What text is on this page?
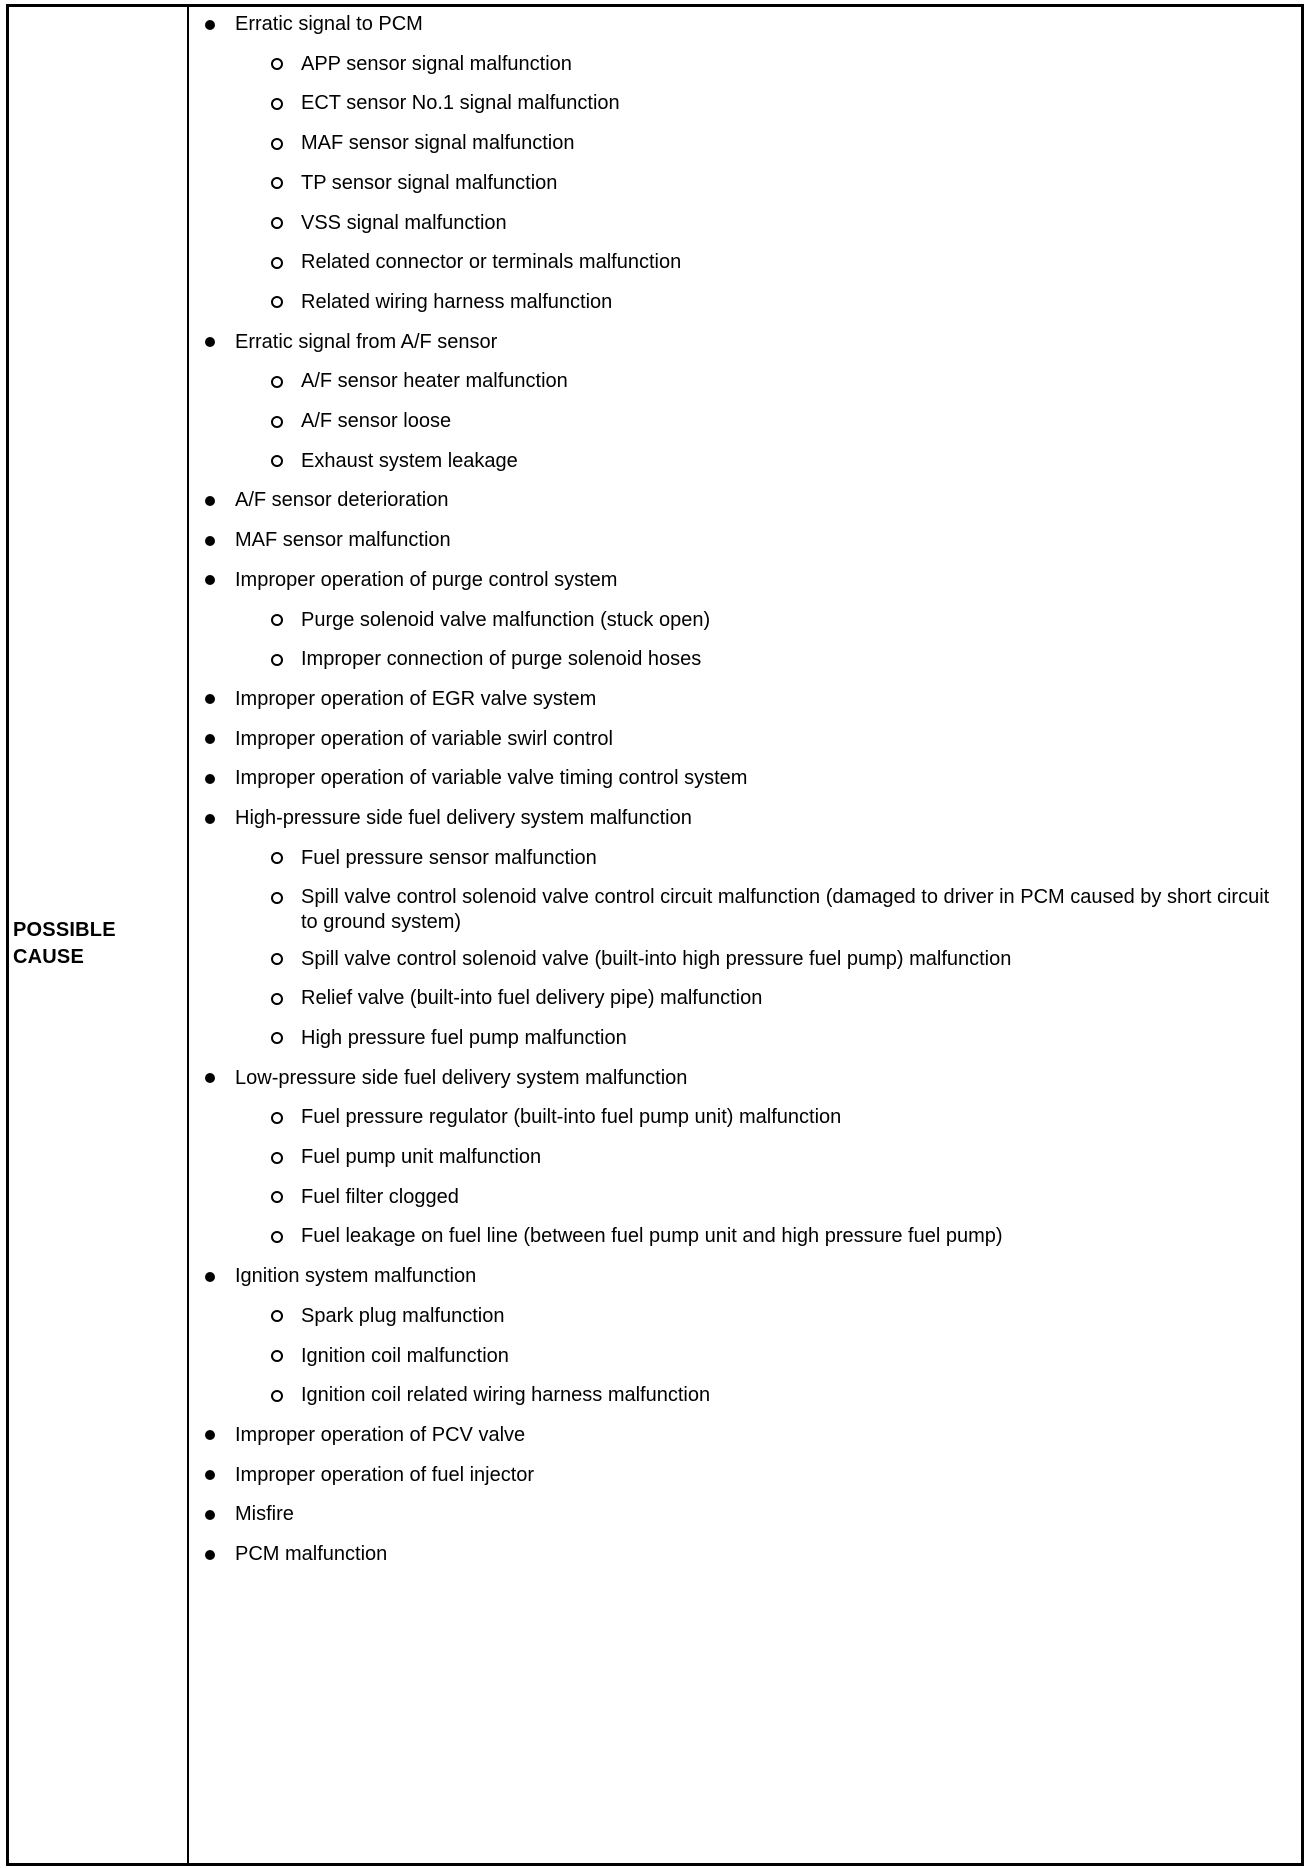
POSSIBLE
CAUSE
Erratic signal to PCM
APP sensor signal malfunction
ECT sensor No.1 signal malfunction
MAF sensor signal malfunction
TP sensor signal malfunction
VSS signal malfunction
Related connector or terminals malfunction
Related wiring harness malfunction
Erratic signal from A/F sensor
A/F sensor heater malfunction
A/F sensor loose
Exhaust system leakage
A/F sensor deterioration
MAF sensor malfunction
Improper operation of purge control system
Purge solenoid valve malfunction (stuck open)
Improper connection of purge solenoid hoses
Improper operation of EGR valve system
Improper operation of variable swirl control
Improper operation of variable valve timing control system
High-pressure side fuel delivery system malfunction
Fuel pressure sensor malfunction
Spill valve control solenoid valve control circuit malfunction (damaged to driver in PCM caused by short circuit to ground system)
Spill valve control solenoid valve (built-into high pressure fuel pump) malfunction
Relief valve (built-into fuel delivery pipe) malfunction
High pressure fuel pump malfunction
Low-pressure side fuel delivery system malfunction
Fuel pressure regulator (built-into fuel pump unit) malfunction
Fuel pump unit malfunction
Fuel filter clogged
Fuel leakage on fuel line (between fuel pump unit and high pressure fuel pump)
Ignition system malfunction
Spark plug malfunction
Ignition coil malfunction
Ignition coil related wiring harness malfunction
Improper operation of PCV valve
Improper operation of fuel injector
Misfire
PCM malfunction
